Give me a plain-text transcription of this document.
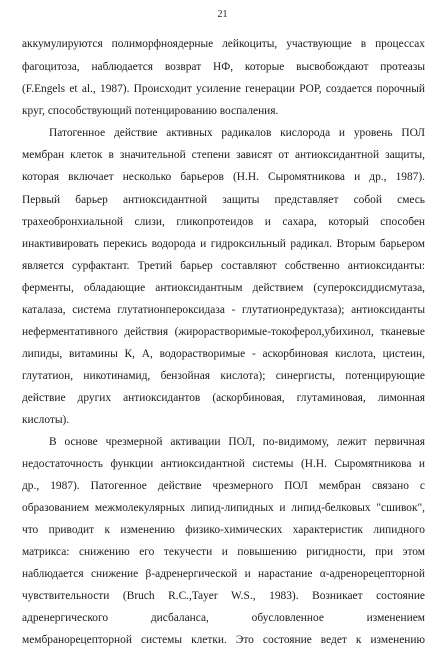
21
аккумулируются полиморфноядерные лейкоциты, участвующие в процессах
фагоцитоза, наблюдается возврат НФ, которые высвобождают протеазы
(F.Engels et al., 1987). Происходит усиление генерации РОР, создается порочный
круг, способствующий потенцированию воспаления.
Патогенное действие активных радикалов кислорода и уровень ПОЛ
мембран клеток в значительной степени зависят от антиоксидантной защиты,
которая включает несколько барьеров (Н.Н. Сыромятникова и др., 1987).
Первый барьер антиоксидантной защиты представляет собой смесь
трахеобронхиальной слизи, гликопротеидов и сахара, который способен
инактивировать перекись водорода и гидроксильный радикал. Вторым барьером
является сурфактант. Третий барьер составляют собственно антиоксиданты:
ферменты, обладающие антиоксидантным действием (супероксиддисмутаза,
каталаза, система глутатионпероксидаза - глутатионредуктаза); антиоксиданты
неферментативного действия (жирорастворимые-токоферол,убихинол, тканевые
липиды, витамины К, А, водорастворимые - аскорбиновая кислота, цистеин,
глутатион, никотинамид, бензойная кислота); синергисты, потенцирующие
действие других антиоксидантов (аскорбиновая, глутаминовая, лимонная
кислоты).
В основе чрезмерной активации ПОЛ, по-видимому, лежит первичная
недостаточность функции антиоксидантной системы (Н.Н. Сыромятникова и
др., 1987). Патогенное действие чрезмерного ПОЛ мембран связано с
образованием межмолекулярных липид-липидных и липид-белковых "сшивок",
что приводит к изменению физико-химических характеристик липидного
матрикса: снижению его текучести и повышению ригидности, при этом
наблюдается снижение β-адренергической и нарастание α-адренорецепторной
чувствительности (Bruch R.C.,Tayer W.S., 1983). Возникает состояние
адренергического дисбаланса, обусловленное изменением
мембранорецепторной системы клетки. Это состояние ведет к изменению
